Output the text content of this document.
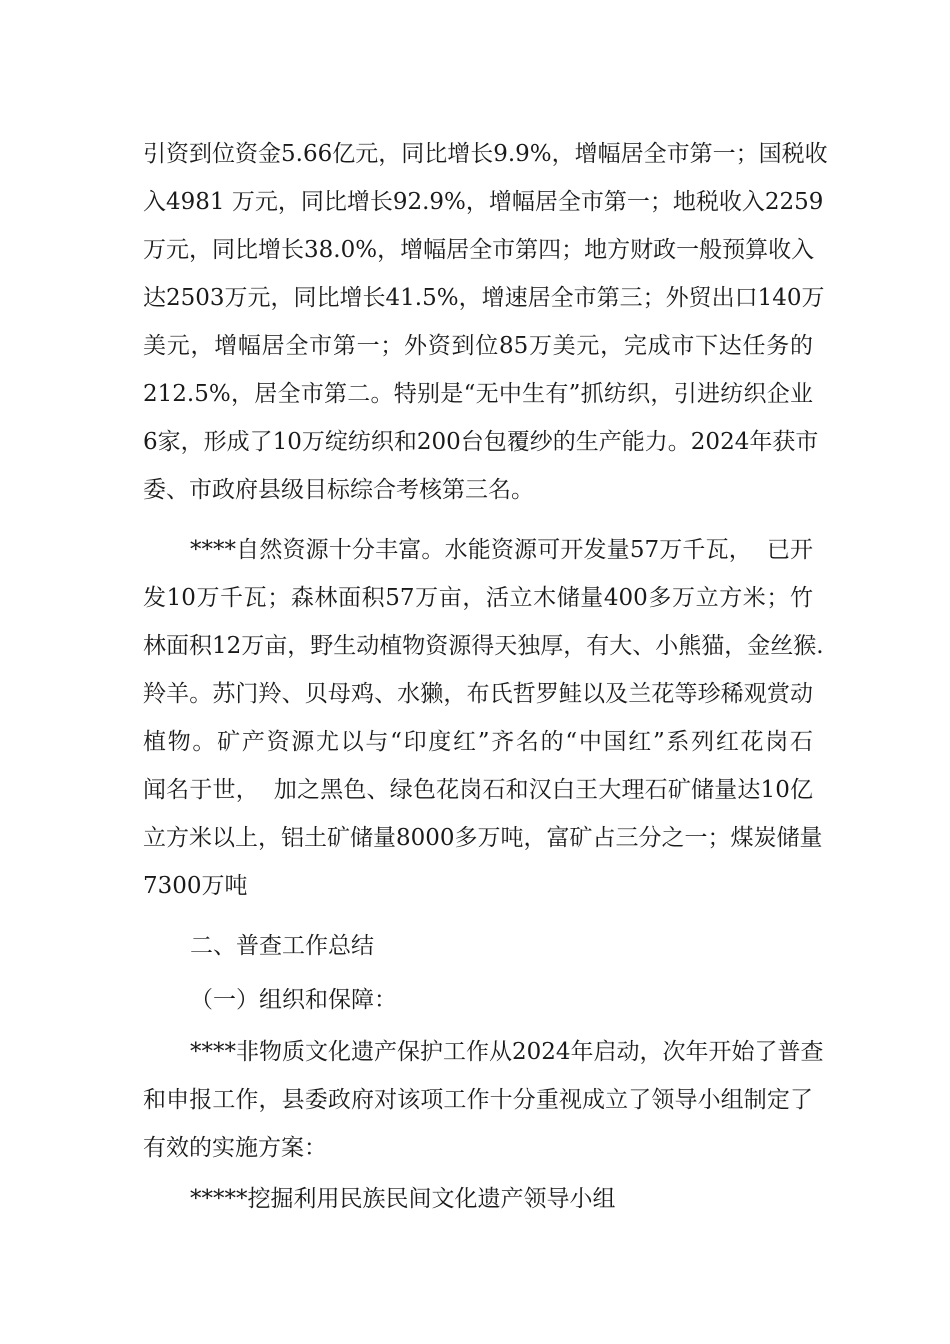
引资到位资金5.66亿元，同比增长9.9%，增幅居全市第一；国税收
入4981 万元，同比增长92.9%，增幅居全市第一；地税收入2259
万元，同比增长38.0%，增幅居全市第四；地方财政一般预算收入
达2503万元，同比增长41.5%，增速居全市第三；外贸出口140万
美元，增幅居全市第一；外资到位85万美元，完成市下达任务的
212.5%，居全市第二。特别是“无中生有”抓纺织，引进纺织企业
6家，形成了10万绽纺织和200台包覆纱的生产能力。2024年获市
委、市政府县级目标综合考核第三名。
****自然资源十分丰富。水能资源可开发量57万千瓦，  已开
发10万千瓦；森林面积57万亩，活立木储量400多万立方米；竹
林面积12万亩，野生动植物资源得天独厚，有大、小熊猫，金丝猴.
羚羊。苏门羚、贝母鸡、水獭，布氏哲罗鲑以及兰花等珍稀观赏动
植物。矿产资源尤以与“印度红”齐名的“中国红”系列红花岗石
闻名于世，  加之黑色、绿色花岗石和汉白王大理石矿储量达10亿
立方米以上，铝土矿储量8000多万吨，富矿占三分之一；煤炭储量
7300万吨
二、普查工作总结
（一）组织和保障：
****非物质文化遗产保护工作从2024年启动，次年开始了普查
和申报工作，县委政府对该项工作十分重视成立了领导小组制定了
有效的实施方案：
*****挖掘利用民族民间文化遗产领导小组
